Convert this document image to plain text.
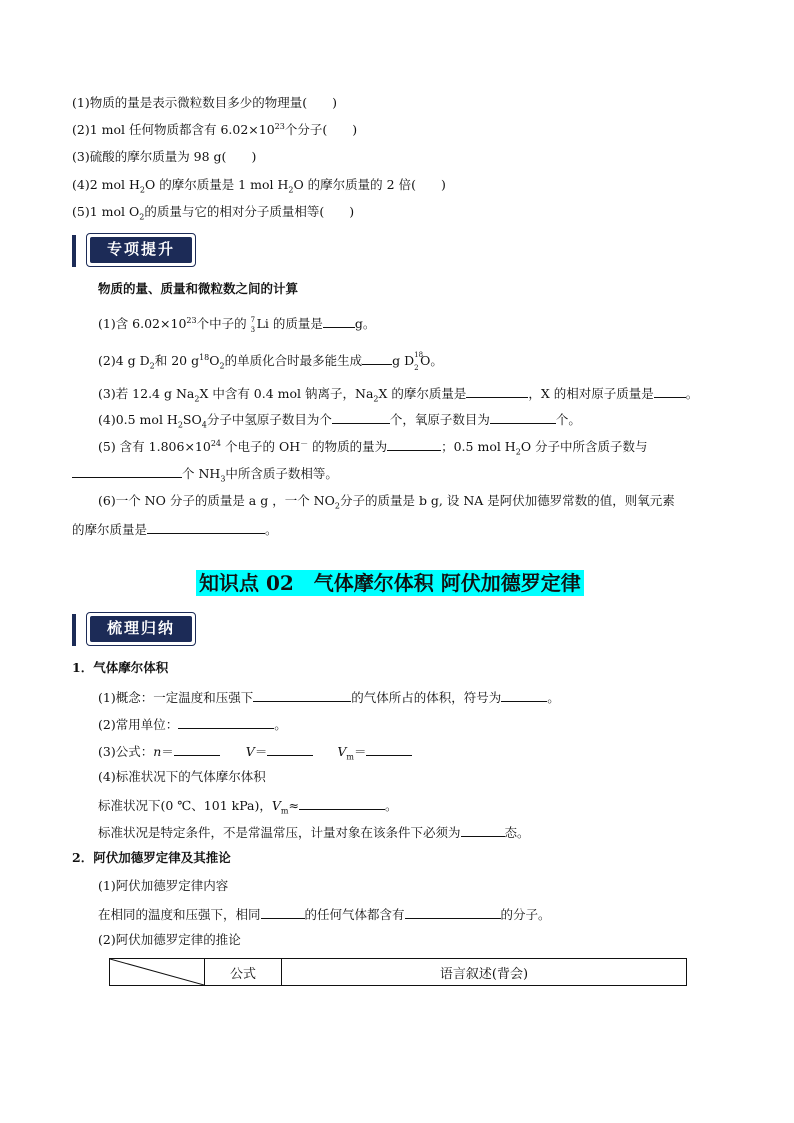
(1)物质的量是表示微粒数目多少的物理量(　　)
(2)1 mol 任何物质都含有 $6.02\times 10^{23}$个分子(　　)
(3)硫酸的摩尔质量为 98 g(　　)
(4)2 mol $H_2O$ 的摩尔质量是 1 mol $H_2O$ 的摩尔质量的 2 倍(　　)
(5)1 mol $O_2$的质量与它的相对分子质量相等(　　)
专项提升
物质的量、质量和微粒数之间的计算
(1)含 $6.02\times 10^{23}$个中子的 7
3 Li 的质量是	g。
(2)4 g $D_2$和 20 $g^{18}O_2$的单质化合时最多能生成 g D 18
2 O。
(3)若 12.4 g $Na_2X$ 中含有 0.4 mol 钠离子，$Na_2X$ 的摩尔质量是	，X 的相对原子质量是	。
(4)0.5 mol $H_2SO_4$分子中氢原子数目为个	个，氧原子数目为	个。
(5) 含有 $1.806\times 10^{24}$ 个电子的 OH－ 的物质的量为	；0.5 mol $H_2O$ 分子中所含质子数与
个 $NH_3$中所含质子数相等。
(6)一个 NO 分子的质量是 a g ，一个 $NO_2$分子的质量是 b g, 设 NA 是阿伏加德罗常数的值，则氧元素
的摩尔质量是	。
知识点 02　气体摩尔体积 阿伏加德罗定律
梳理归纳
1．气体摩尔体积
(1)概念：一定温度和压强下	的气体所占的体积，符号为	。
(2)常用单位：	。
(3)公式：n＝	V＝	$V_m=$
(4)标准状况下的气体摩尔体积
标准状况下(0 ℃、101 kPa)，$V_m\approx$	。
标准状况是特定条件，不是常温常压，计量对象在该条件下必须为	态。
2．阿伏加德罗定律及其推论
(1)阿伏加德罗定律内容
在相同的温度和压强下，相同	的任何气体都含有	的分子。
(2)阿伏加德罗定律的推论
	公式	语言叙述(背会)
